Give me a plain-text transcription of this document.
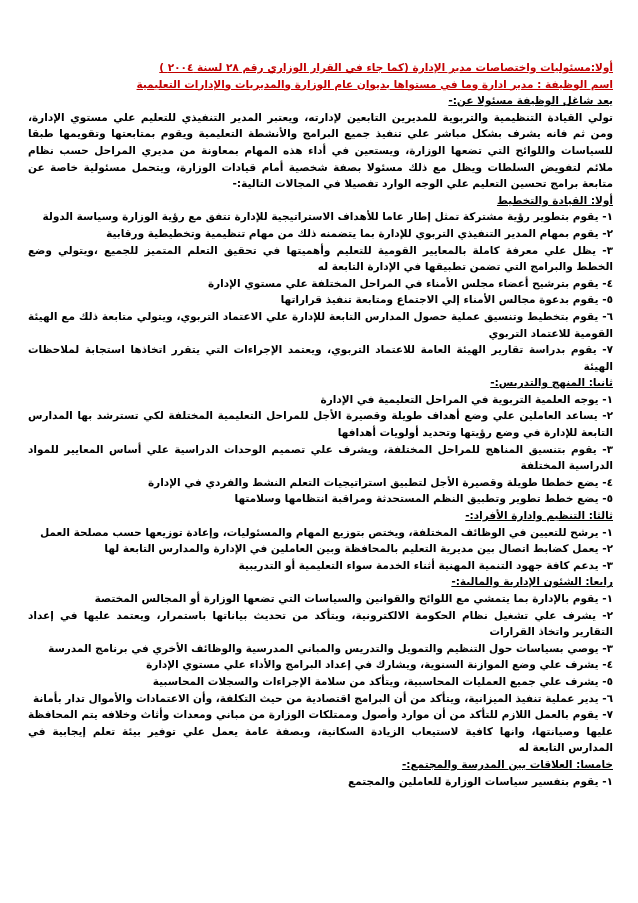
أولا:مسئوليات واختصاصات مدير الإدارة (كما جاء في القرار الوزاري رقم ٢٨ لسنة ٢٠٠٤ )

اسم الوظيفة : مدير ادارة وما في مستواها بديوان عام الوزارة والمديريات والإدارات التعليمية

يعد شاغل الوظيفة مسئولا عن:-

تولي القيادة التنظيمية والتربوية للمديرين التابعين لإدارته، ويعتبر المدير التنفيذي للتعليم علي مستوي الإدارة، ومن ثم فانه يشرف بشكل مباشر علي تنفيذ جميع البرامج والأنشطة التعليمية ويقوم بمتابعتها وتقويمها طبقا للسياسات واللوائح التي تضعها الوزارة، ويستعين في أداء هذه المهام بمعاونة من مديري المراحل حسب نظام ملائم لتفويض السلطات ويظل مع ذلك مسئولا بصفة شخصية أمام قيادات الوزارة، ويتحمل مسئولية خاصة عن متابعة برامج تحسين التعليم علي الوجه الوارد تفصيلا في المجالات التالية:-

أولا: القيادة والتخطيط

١- يقوم بتطوير رؤية مشتركة تمثل إطار عاما للأهداف الاستراتيجية للإدارة تتفق مع رؤية الوزارة وسياسة الدولة

٢- يقوم بمهام المدير التنفيذي التربوي للإدارة بما يتضمنه ذلك من مهام تنظيمية وتخطيطية ورقابية

٣- يظل علي معرفة كاملة بالمعايير القومية للتعليم وأهميتها في تحقيق التعلم المتميز للجميع ،ويتولي وضع الخطط والبرامج التي تضمن تطبيقها في الإدارة التابعة له

٤- يقوم بترشيح أعضاء مجلس الأمناء في المراحل المختلفة علي مستوي الإدارة

٥- يقوم بدعوة مجالس الأمناء إلي الاجتماع ومتابعة تنفيذ قراراتها

٦- يقوم بتخطيط وتنسيق عملية حصول المدارس التابعة للإدارة علي الاعتماد التربوي، ويتولي متابعة ذلك مع الهيئة القومية للاعتماد التربوي

٧- يقوم بدراسة تقارير الهيئة العامة للاعتماد التربوي، ويعتمد الإجراءات التي يتقرر اتخاذها استجابة لملاحظات الهيئة

ثانيا: المنهج والتدريس:-

١- يوجه العلمية التربوية في المراحل التعليمية في الإدارة

٢- يساعد العاملين علي وضع أهداف طويلة وقصيرة الأجل للمراحل التعليمية المختلفة لكي تسترشد بها المدارس التابعة للإدارة في وضع رؤيتها وتحديد أولويات أهدافها

٣- يقوم بتنسيق المناهج للمراحل المختلفة، ويشرف علي تصميم الوحدات الدراسية علي أساس المعايير للمواد الدراسية المختلفة

٤- يضع خططا طويلة وقصيرة الأجل لتطبيق استراتيجيات التعلم النشط والفردي في الإدارة

٥- يضع خطط تطوير وتطبيق النظم المستحدثة ومراقبة انتظامها وسلامتها

ثالثا: التنظيم وادارة الأفراد:-

١- يرشح للتعيين في الوظائف المختلفة، ويختص بتوزيع المهام والمسئوليات، وإعادة توزيعها حسب مصلحة العمل

٢- يعمل كضابط اتصال بين مديرية التعليم بالمحافظة وبين العاملين في الإدارة والمدارس التابعة لها

٣- يدعم كافة جهود التنمية المهنية أثناء الخدمة سواء التعليمية أو التدريبية

رابعا: الشئون الإدارية والمالية:-

١- يقوم بالإدارة بما يتمشي مع اللوائح والقوانين والسياسات التي تضعها الوزارة أو المجالس المختصة

٢- يشرف علي تشغيل نظام الحكومة الالكترونية، ويتأكد من تحديث بياناتها باستمرار، ويعتمد عليها في إعداد التقارير واتخاذ القرارات

٣- يوصي بسياسات حول التنظيم والتمويل والتدريس والمباني المدرسية والوظائف الأخري في برنامج المدرسة

٤- يشرف علي وضع الموازنة السنوية، ويشارك في إعداد البرامج والأداء علي مستوي الإدارة

٥- يشرف علي جميع العمليات المحاسبية، ويتأكد من سلامة الإجراءات والسجلات المحاسبية

٦- يدير عملية تنفيذ الميزانية، ويتأكد من أن البرامج اقتصادية من حيث التكلفة، وأن الاعتمادات والأموال تدار بأمانة

٧- يقوم بالعمل اللازم للتأكد من أن موارد وأصول وممتلكات الوزارة من مباني ومعدات وأثاث وخلافه يتم المحافظة عليها وصيانتها، وانها كافية لاستيعاب الزيادة السكانية، وبصفة عامة يعمل علي توفير بيئة تعلم إيجابية في المدارس التابعة له

خامسا: العلاقات بين المدرسة والمجتمع:-

١- يقوم بتفسير سياسات الوزارة للعاملين والمجتمع
